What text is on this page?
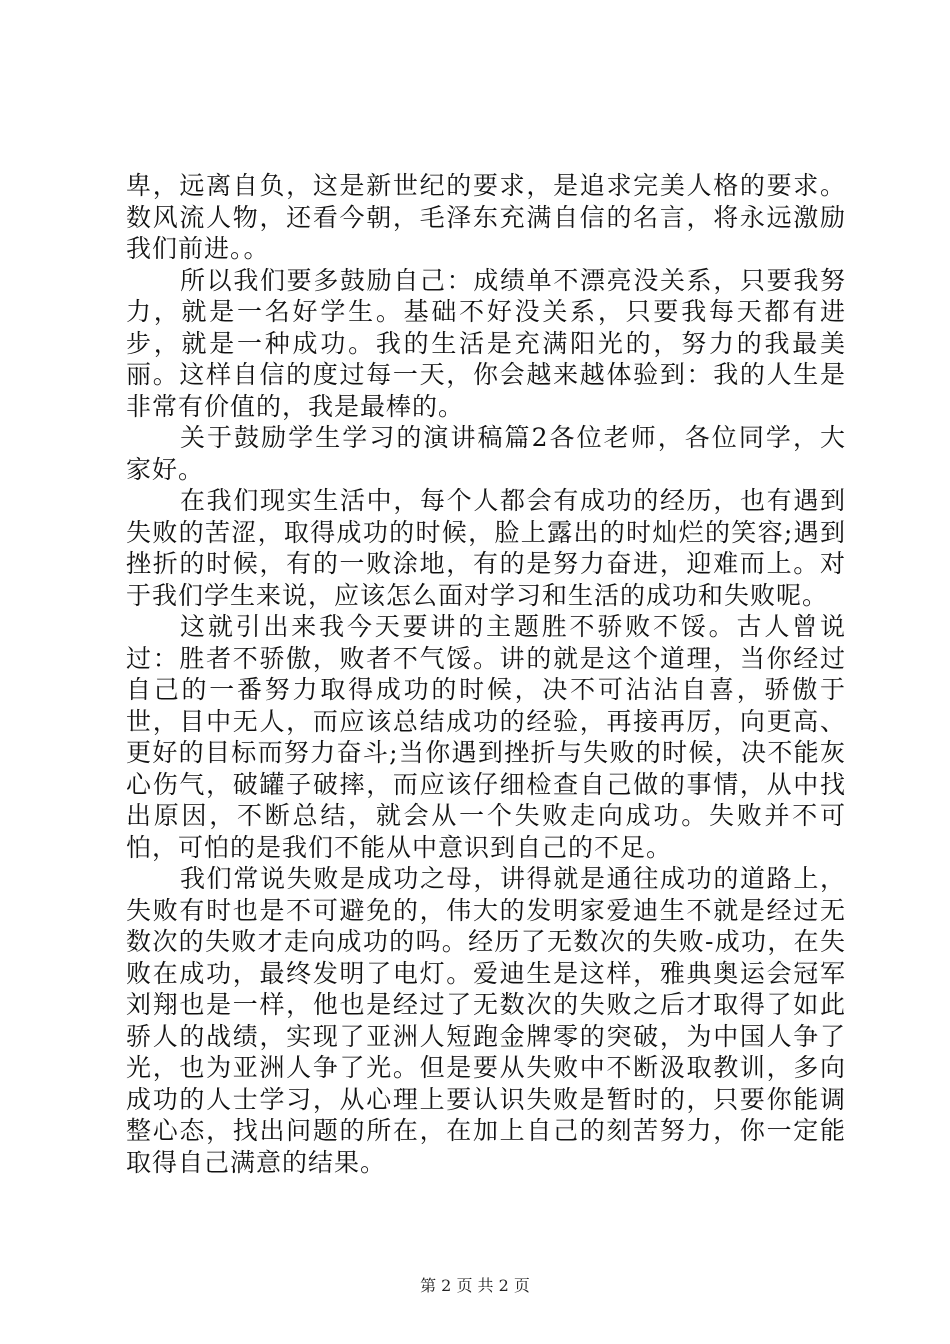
卑，远离自负，这是新世纪的要求，是追求完美人格的要求。数风流人物，还看今朝，毛泽东充满自信的名言，将永远激励我们前进。。

所以我们要多鼓励自己：成绩单不漂亮没关系，只要我努力，就是一名好学生。基础不好没关系，只要我每天都有进步，就是一种成功。我的生活是充满阳光的，努力的我最美丽。这样自信的度过每一天，你会越来越体验到：我的人生是非常有价值的，我是最棒的。

关于鼓励学生学习的演讲稿篇2各位老师，各位同学，大家好。

在我们现实生活中，每个人都会有成功的经历，也有遇到失败的苦涩，取得成功的时候，脸上露出的时灿烂的笑容;遇到挫折的时候，有的一败涂地，有的是努力奋进，迎难而上。对于我们学生来说，应该怎么面对学习和生活的成功和失败呢。

这就引出来我今天要讲的主题胜不骄败不馁。古人曾说过：胜者不骄傲，败者不气馁。讲的就是这个道理，当你经过自己的一番努力取得成功的时候，决不可沾沾自喜，骄傲于世，目中无人，而应该总结成功的经验，再接再厉，向更高、更好的目标而努力奋斗;当你遇到挫折与失败的时候，决不能灰心伤气，破罐子破摔，而应该仔细检查自己做的事情，从中找出原因，不断总结，就会从一个失败走向成功。失败并不可怕，可怕的是我们不能从中意识到自己的不足。

我们常说失败是成功之母，讲得就是通往成功的道路上，失败有时也是不可避免的，伟大的发明家爱迪生不就是经过无数次的失败才走向成功的吗。经历了无数次的失败-成功，在失败在成功，最终发明了电灯。爱迪生是这样，雅典奥运会冠军刘翔也是一样，他也是经过了无数次的失败之后才取得了如此骄人的战绩，实现了亚洲人短跑金牌零的突破，为中国人争了光，也为亚洲人争了光。但是要从失败中不断汲取教训，多向成功的人士学习，从心理上要认识失败是暂时的，只要你能调整心态，找出问题的所在，在加上自己的刻苦努力，你一定能取得自己满意的结果。

第 2 页 共 2 页
